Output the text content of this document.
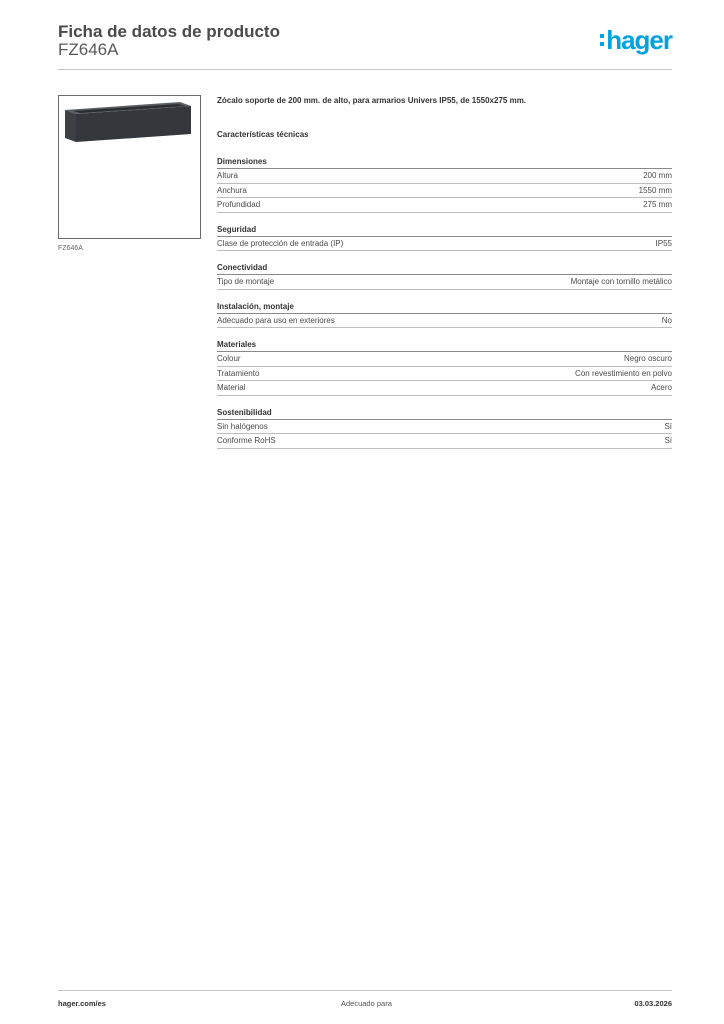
Ficha de datos de producto
FZ646A	hager
FZ646A
Zócalo soporte de 200 mm. de alto, para armarios Univers IP55, de 1550x275 mm.
Características técnicas
Dimensiones
Altura	200 mm
Anchura	1550 mm
Profundidad	275 mm
Seguridad
Clase de protección de entrada (IP)	IP55
Conectividad
Tipo de montaje	Montaje con tornillo metálico
Instalación, montaje
Adecuado para uso en exteriores	No
Materiales
Colour	Negro oscuro
Tratamiento	Con revestimiento en polvo
Material	Acero
Sostenibilidad
Sin halógenos	Sí
Conforme RoHS	Sí
hager.com/es	Adecuado para	03.03.2026
